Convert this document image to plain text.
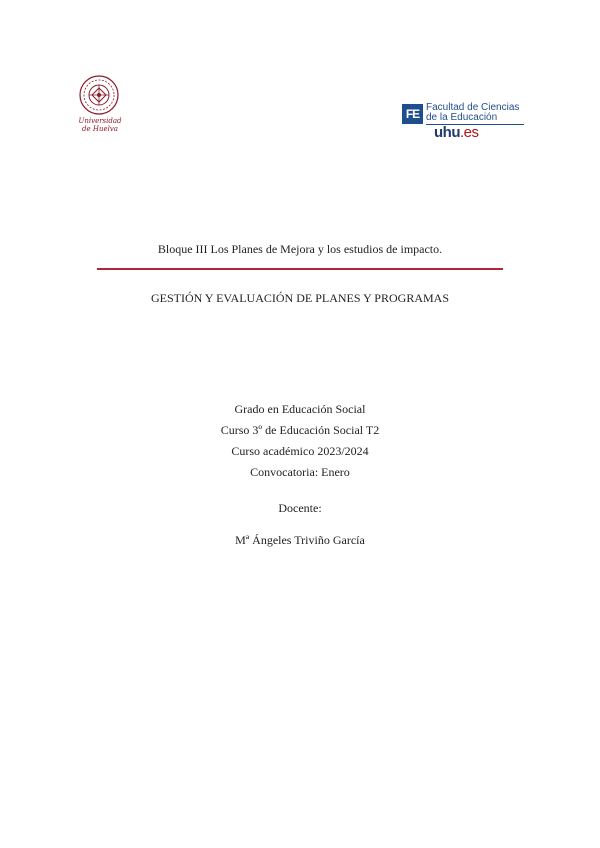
Universidad de Huelva
FE Facultad de Ciencias
de la Educación
uhu.es
Bloque III Los Planes de Mejora y los estudios de impacto.
GESTIÓN Y EVALUACIÓN DE PLANES Y PROGRAMAS
Grado en Educación Social
Curso 3º de Educación Social T2
Curso académico 2023/2024
Convocatoria: Enero
Docente:
Mª Ángeles Triviño García
